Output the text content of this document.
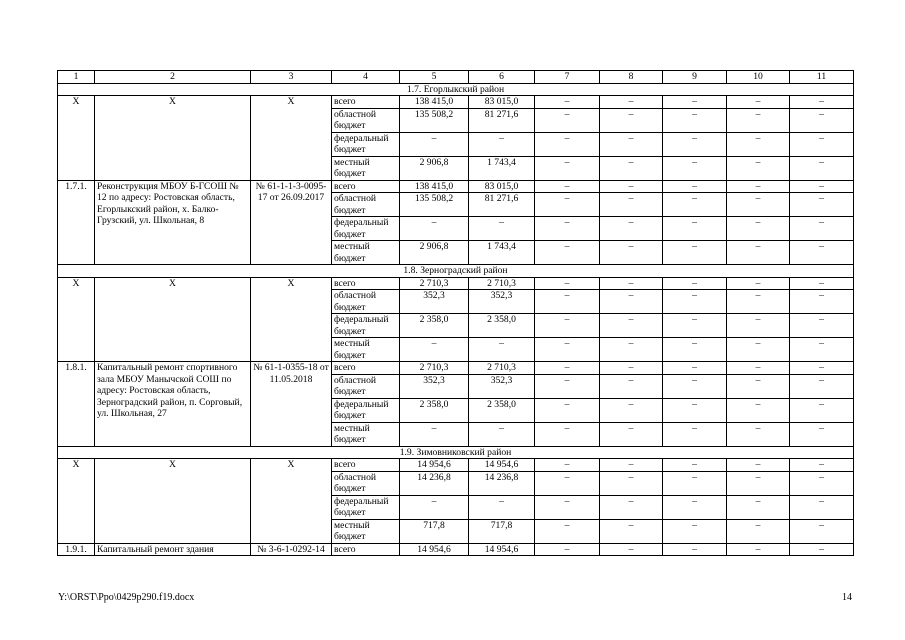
1	2	3	4	5	6	7	8	9	10	11
1.7. Егорлыкский район										
Х	Х	Х	всего	138 415,0	83 015,0	–	–	–	–	–
			областной бюджет	135 508,2	81 271,6	–	–	–	–	–
			федеральный бюджет	–	–	–	–	–	–	–
			местный бюджет	2 906,8	1 743,4	–	–	–	–	–
1.7.1.	Реконструкция МБОУ Б-ГСОШ № 12 по адресу: Ростовская область, Егорлыкский район, х. Балко-Грузский, ул. Школьная, 8	№ 61-1-1-3-0095-17 от 26.09.2017	всего	138 415,0	83 015,0	–	–	–	–	–
			областной бюджет	135 508,2	81 271,6	–	–	–	–	–
			федеральный бюджет	–	–	–	–	–	–	–
			местный бюджет	2 906,8	1 743,4	–	–	–	–	–
1.8. Зерноградский район										
Х	Х	Х	всего	2 710,3	2 710,3	–	–	–	–	–
			областной бюджет	352,3	352,3	–	–	–	–	–
			федеральный бюджет	2 358,0	2 358,0	–	–	–	–	–
			местный бюджет	–	–	–	–	–	–	–
1.8.1.	Капитальный ремонт спортивного зала МБОУ Манычской СОШ по адресу: Ростовская область, Зерноградский район, п. Сорговый, ул. Школьная, 27	№ 61-1-0355-18 от 11.05.2018	всего	2 710,3	2 710,3	–	–	–	–	–
			областной бюджет	352,3	352,3	–	–	–	–	–
			федеральный бюджет	2 358,0	2 358,0	–	–	–	–	–
			местный бюджет	–	–	–	–	–	–	–
1.9. Зимовниковский район										
Х	Х	Х	всего	14 954,6	14 954,6	–	–	–	–	–
			областной бюджет	14 236,8	14 236,8	–	–	–	–	–
			федеральный бюджет	–	–	–	–	–	–	–
			местный бюджет	717,8	717,8	–	–	–	–	–
1.9.1.	Капитальный ремонт здания	№ 3-6-1-0292-14	всего	14 954,6	14 954,6	–	–	–	–	–
Y:\ORST\Ppo\0429p290.f19.docx	14
